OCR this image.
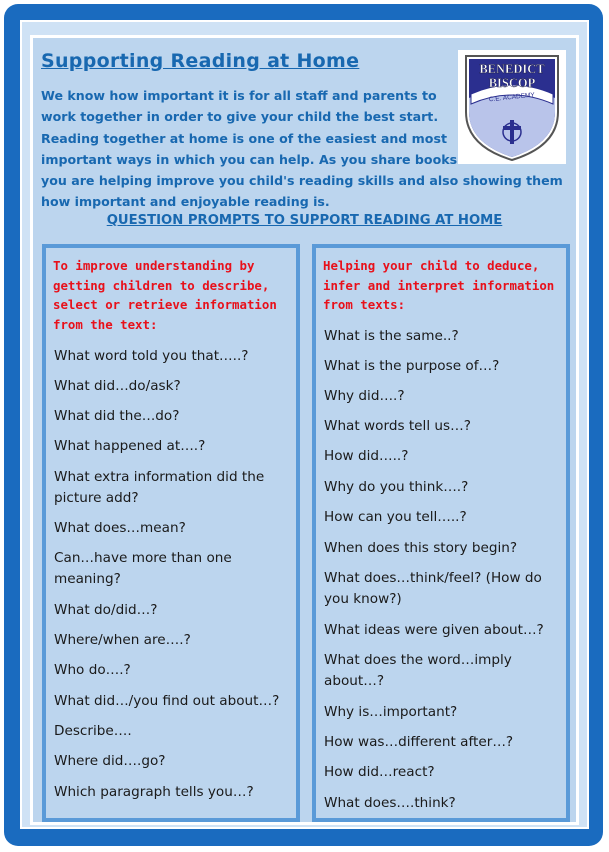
Supporting Reading at Home	BENEDICT
BISCOP
C.E. ACADEMY
We know how important it is for all staff and parents to work together in order to give your child the best start. Reading together at home is one of the easiest and most important ways in which you can help. As you share books you are helping improve you child's reading skills and also showing them how important and enjoyable reading is.
QUESTION PROMPTS TO SUPPORT READING AT HOME
To improve understanding by getting children to describe, select or retrieve information from the text:
What word told you that…..?
What did…do/ask?
What did the…do?
What happened at….?
What extra information did the picture add?
What does…mean?
Can…have more than one meaning?
What do/did…?
Where/when are….?
Who do….?
What did…/you find out about…?
Describe….
Where did….go?
Which paragraph tells you…?
Helping your child to deduce, infer and interpret information from texts:
What is the same..?
What is the purpose of…?
Why did….?
What words tell us…?
How did…..?
Why do you think….?
How can you tell…..?
When does this story begin?
What does…think/feel? (How do you know?)
What ideas were given about…?
What does the word…imply about…?
Why is…important?
How was…different after…?
How did…react?
What does….think?
